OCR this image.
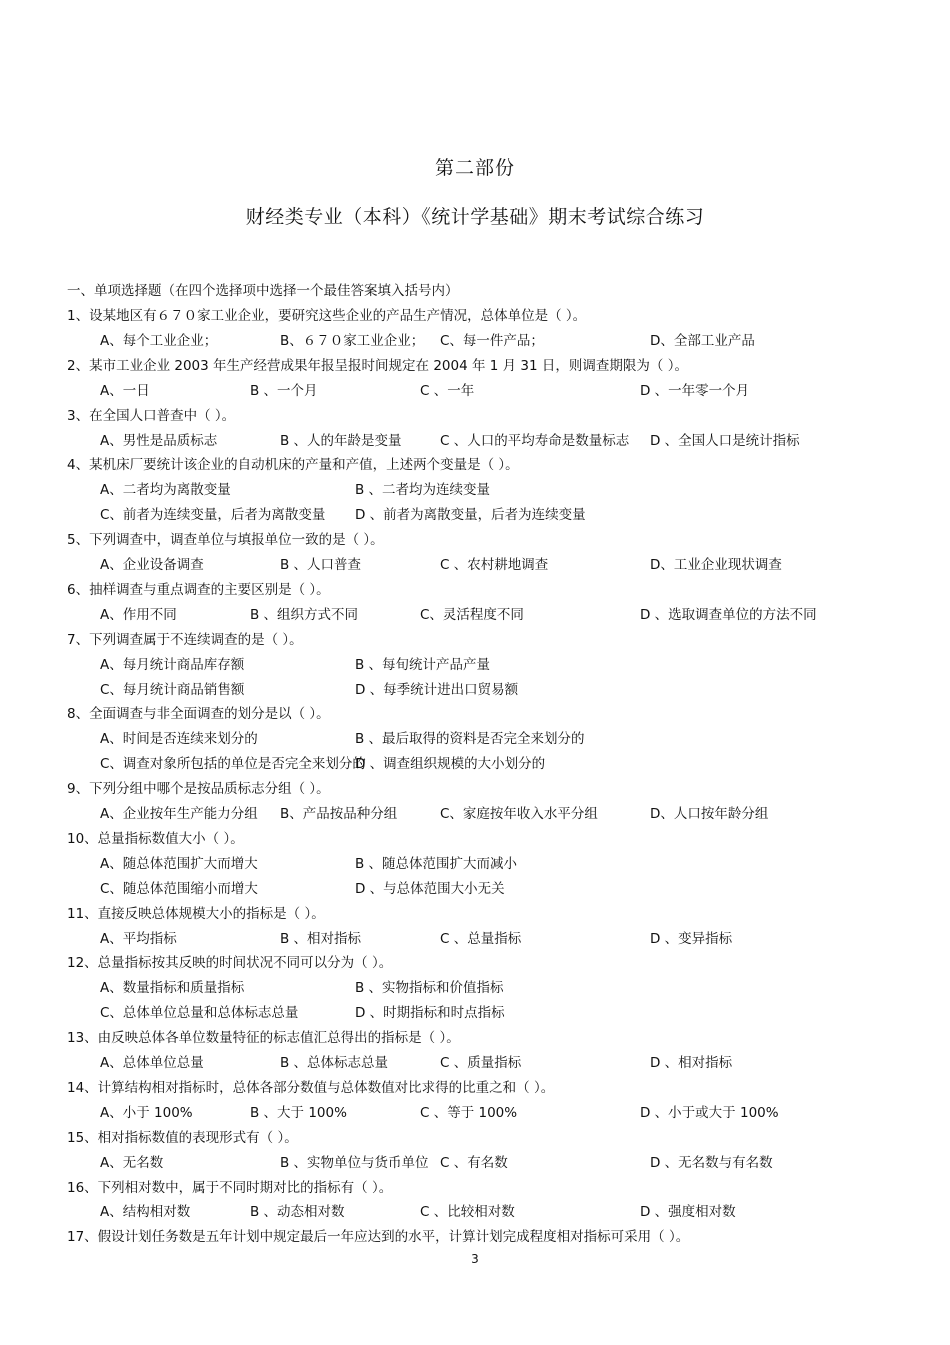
第二部份
财经类专业（本科）《统计学基础》期末考试综合练习
一、单项选择题（在四个选择项中选择一个最佳答案填入括号内）
1、设某地区有６７０家工业企业，要研究这些企业的产品生产情况，总体单位是（ ）。
A、每个工业企业；	B、６７０家工业企业； C、每一件产品；	D、全部工业产品
2、某市工业企业 2003 年生产经营成果年报呈报时间规定在 2004 年 1 月 31 日，则调查期限为（ ）。
A、一日	B 、一个月	C 、一年	D 、一年零一个月
3、在全国人口普查中（ ）。
A、男性是品质标志	B 、人的年龄是变量	C 、人口的平均寿命是数量标志 D 、全国人口是统计指标
4、某机床厂要统计该企业的自动机床的产量和产值，上述两个变量是（ ）。
A、二者均为离散变量	B 、二者均为连续变量
C、前者为连续变量，后者为离散变量 D 、前者为离散变量，后者为连续变量
5、下列调查中，调查单位与填报单位一致的是（ ）。
A、企业设备调查	B 、人口普查	C 、农村耕地调查	D、工业企业现状调查
6、抽样调查与重点调查的主要区别是（ ）。
A、作用不同	B 、组织方式不同	C、灵活程度不同	D 、选取调查单位的方法不同
7、下列调查属于不连续调查的是（ ）。
A、每月统计商品库存额	B 、每旬统计产品产量
C、每月统计商品销售额	D 、每季统计进出口贸易额
8、全面调查与非全面调查的划分是以（ ）。
A、时间是否连续来划分的	B 、最后取得的资料是否完全来划分的
C、调查对象所包括的单位是否完全来划分的
D 、调查组织规模的大小划分的
9、下列分组中哪个是按品质标志分组（ ）。
A、企业按年生产能力分组 B、产品按品种分组	C、家庭按年收入水平分组	D、人口按年龄分组
10、总量指标数值大小（ ）。
A、随总体范围扩大而增大	B 、随总体范围扩大而减小
C、随总体范围缩小而增大	D 、与总体范围大小无关
11、直接反映总体规模大小的指标是（ ）。
A、平均指标	B 、相对指标	C 、总量指标	D 、变异指标
12、总量指标按其反映的时间状况不同可以分为（ ）。
A、数量指标和质量指标	B 、实物指标和价值指标
C、总体单位总量和总体标志总量	D 、时期指标和时点指标
13、由反映总体各单位数量特征的标志值汇总得出的指标是（ ）。
A、总体单位总量	B 、总体标志总量	C 、质量指标	D 、相对指标
14、计算结构相对指标时，总体各部分数值与总体数值对比求得的比重之和（ ）。
A、小于 100%	B 、大于 100%	C 、等于 100%	D 、小于或大于 100%
15、相对指标数值的表现形式有（ ）。
A、无名数	B 、实物单位与货币单位 C 、有名数	D 、无名数与有名数
16、下列相对数中，属于不同时期对比的指标有（ ）。
A、结构相对数	B 、动态相对数	C 、比较相对数	D 、强度相对数
17、假设计划任务数是五年计划中规定最后一年应达到的水平，计算计划完成程度相对指标可采用（ ）。
3
